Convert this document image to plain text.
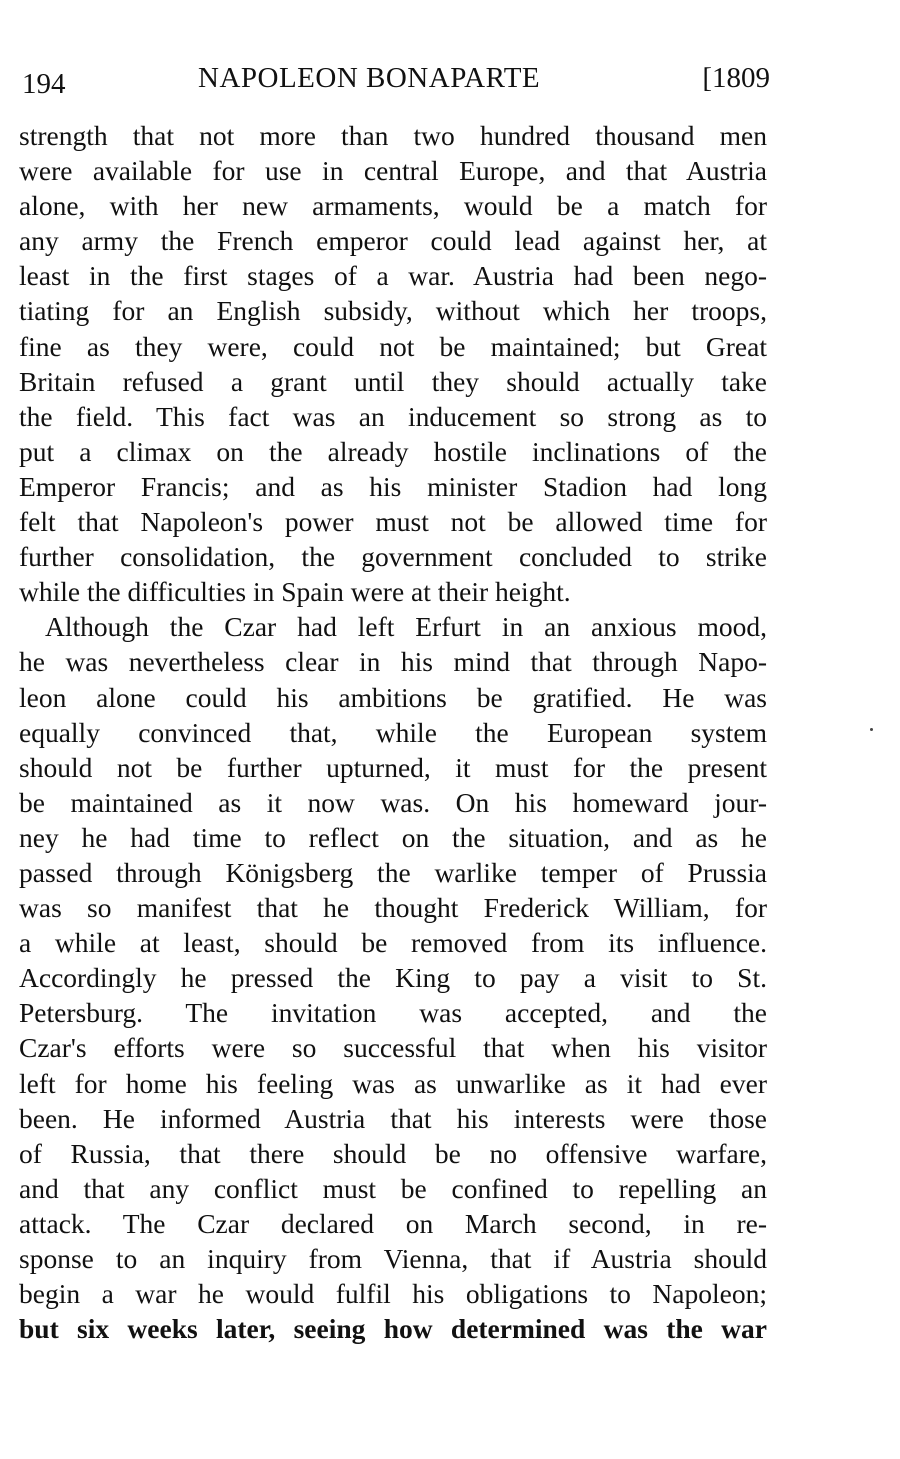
194	NAPOLEON BONAPARTE	[1809
strength that not more than two hundred thousand men
were available for use in central Europe, and that Austria
alone, with her new armaments, would be a match for
any army the French emperor could lead against her, at
least in the first stages of a war. Austria had been nego-
tiating for an English subsidy, without which her troops,
fine as they were, could not be maintained; but Great
Britain refused a grant until they should actually take
the field. This fact was an inducement so strong as to
put a climax on the already hostile inclinations of the
Emperor Francis; and as his minister Stadion had long
felt that Napoleon's power must not be allowed time for
further consolidation, the government concluded to strike
while the difficulties in Spain were at their height.
Although the Czar had left Erfurt in an anxious mood,
he was nevertheless clear in his mind that through Napo-
leon alone could his ambitions be gratified. He was
equally convinced that, while the European system
should not be further upturned, it must for the present
be maintained as it now was. On his homeward jour-
ney he had time to reflect on the situation, and as he
passed through Königsberg the warlike temper of Prussia
was so manifest that he thought Frederick William, for
a while at least, should be removed from its influence.
Accordingly he pressed the King to pay a visit to St.
Petersburg. The invitation was accepted, and the
Czar's efforts were so successful that when his visitor
left for home his feeling was as unwarlike as it had ever
been. He informed Austria that his interests were those
of Russia, that there should be no offensive warfare,
and that any conflict must be confined to repelling an
attack. The Czar declared on March second, in re-
sponse to an inquiry from Vienna, that if Austria should
begin a war he would fulfil his obligations to Napoleon;
but six weeks later, seeing how determined was the war
